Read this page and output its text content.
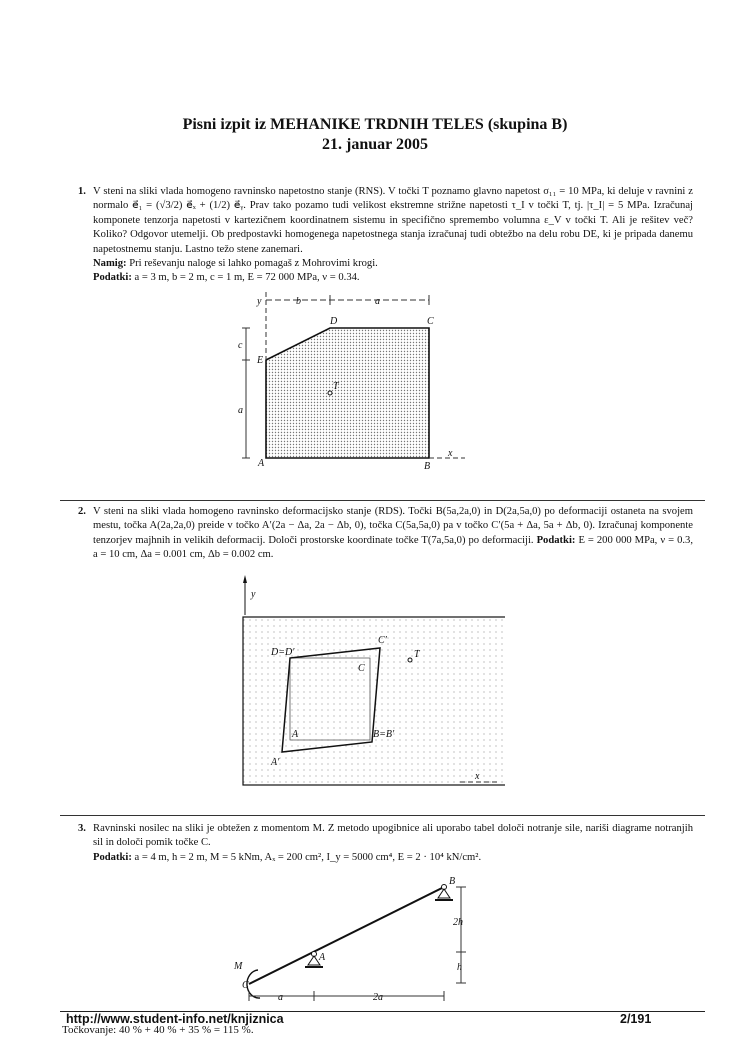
Pisni izpit iz MEHANIKE TRDNIH TELES (skupina B)
21. januar 2005
1. V steni na sliki vlada homogeno ravninsko napetostno stanje (RNS). V točki T poznamo glavno napetost σ₁₁ = 10 MPa, ki deluje v ravnini z normalo e⃗₁ = (√3/2) e⃗ₓ + (1/2) e⃗ᵧ. Prav tako pozamo tudi velikost ekstremne strižne napetosti τ_I v točki T, tj. |τ_I| = 5 MPa. Izračunaj komponete tenzorja napetosti v kartezičnem koordinatnem sistemu in specifično spremembo volumna ε_V v točki T. Ali je rešitev več? Koliko? Odgovor utemelji. Ob predpostavki homogenega napetostnega stanja izračunaj tudi obtežbo na delu robu DE, ki je pripada danemu napetostnemu stanju. Lastno težo stene zanemari.
Namig: Pri reševanju naloge si lahko pomagaš z Mohrovimi krogi.
Podatki: a = 3 m, b = 2 m, c = 1 m, E = 72 000 MPa, ν = 0.34.
y	b	a
c
a
E
D	C
A	B
T
x
2. V steni na sliki vlada homogeno ravninsko deformacijsko stanje (RDS). Točki B(5a,2a,0) in D(2a,5a,0) po deformaciji ostaneta na svojem mestu, točka A(2a,2a,0) preide v točko A′(2a − Δa, 2a − Δb, 0), točka C(5a,5a,0) pa v točko C′(5a + Δa, 5a + Δb, 0). Izračunaj komponente tenzorjev majhnih in velikih deformacij. Določi prostorske koordinate točke T(7a,5a,0) po deformaciji. Podatki: E = 200 000 MPa, ν = 0.3, a = 10 cm, Δa = 0.001 cm, Δb = 0.002 cm.
y
x
D=D′
C′
C
T
A	B=B′
A′
3. Ravninski nosilec na sliki je obtežen z momentom M. Z metodo upogibnice ali uporabo tabel določi notranje sile, nariši diagrame notranjih sil in določi pomik točke C.
Podatki: a = 4 m, h = 2 m, M = 5 kNm, Aₓ = 200 cm², I_y = 5000 cm⁴, E = 2 · 10⁴ kN/cm².
M
C
A
B
a	2a
2h
h
http://www.student-info.net/knjiznica	2/191
Točkovanje: 40 % + 40 % + 35 % = 115 %.
